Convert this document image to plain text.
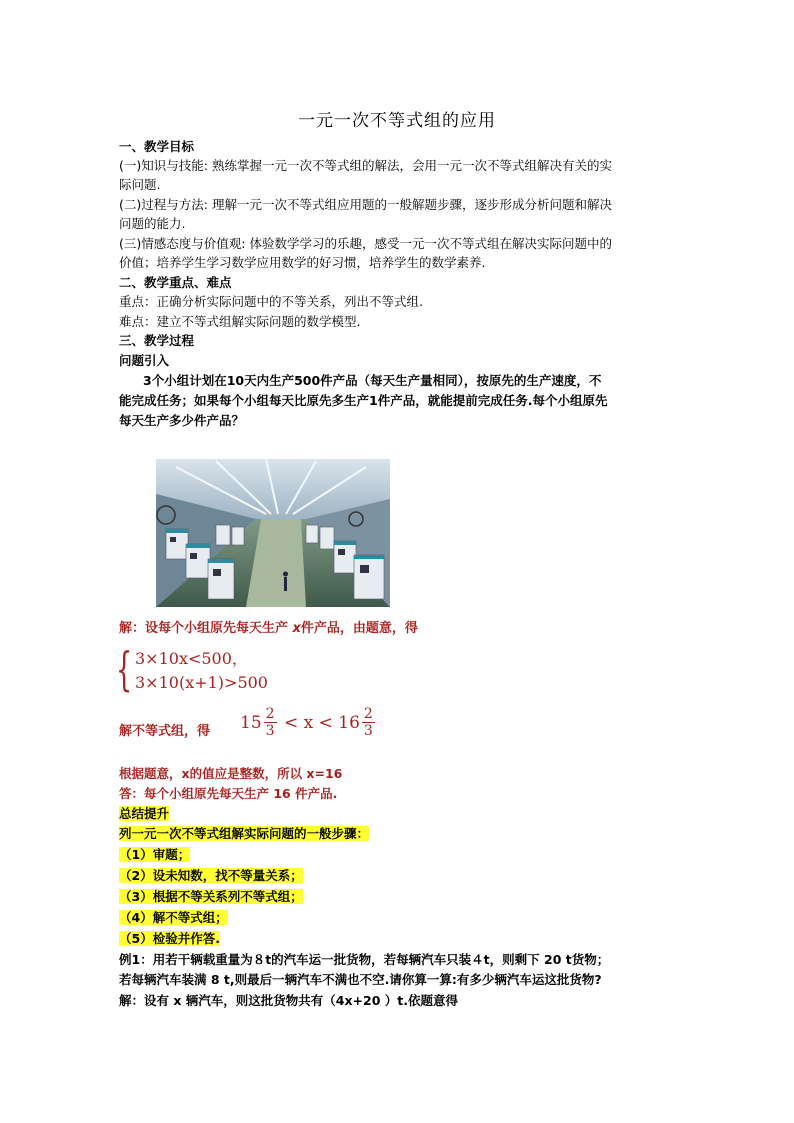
一元一次不等式组的应用
一、教学目标
(一)知识与技能: 熟练掌握一元一次不等式组的解法，会用一元一次不等式组解决有关的实
际问题.
(二)过程与方法: 理解一元一次不等式组应用题的一般解题步骤，逐步形成分析问题和解决
问题的能力.
(三)情感态度与价值观: 体验数学学习的乐趣，感受一元一次不等式组在解决实际问题中的
价值；培养学生学习数学应用数学的好习惯，培养学生的数学素养.
二、教学重点、难点
重点：正确分析实际问题中的不等关系，列出不等式组.
难点：建立不等式组解实际问题的数学模型.
三、教学过程
问题引入
3个小组计划在10天内生产500件产品（每天生产量相同），按原先的生产速度，不
能完成任务；如果每个小组每天比原先多生产1件产品，就能提前完成任务.每个小组原先
每天生产多少件产品？
解：设每个小组原先每天生产 x件产品，由题意，得
{ 3×10x<500，
3×10(x+1)>500
解不等式组，得	$15 \frac{2}{3} < x < 16 \frac{2}{3}$
根据题意，x的值应是整数，所以 x=16
答：每个小组原先每天生产 16 件产品.
总结提升
列一元一次不等式组解实际问题的一般步骤：
（1）审题；
（2）设未知数，找不等量关系；
（3）根据不等关系列不等式组；
（4）解不等式组；
（5）检验并作答.
例1：用若干辆载重量为８t的汽车运一批货物，若每辆汽车只装４t，则剩下 20 t货物；
若每辆汽车装满 8 t,则最后一辆汽车不满也不空.请你算一算:有多少辆汽车运这批货物?
解：设有 x 辆汽车，则这批货物共有（4x+20 ）t.依题意得
